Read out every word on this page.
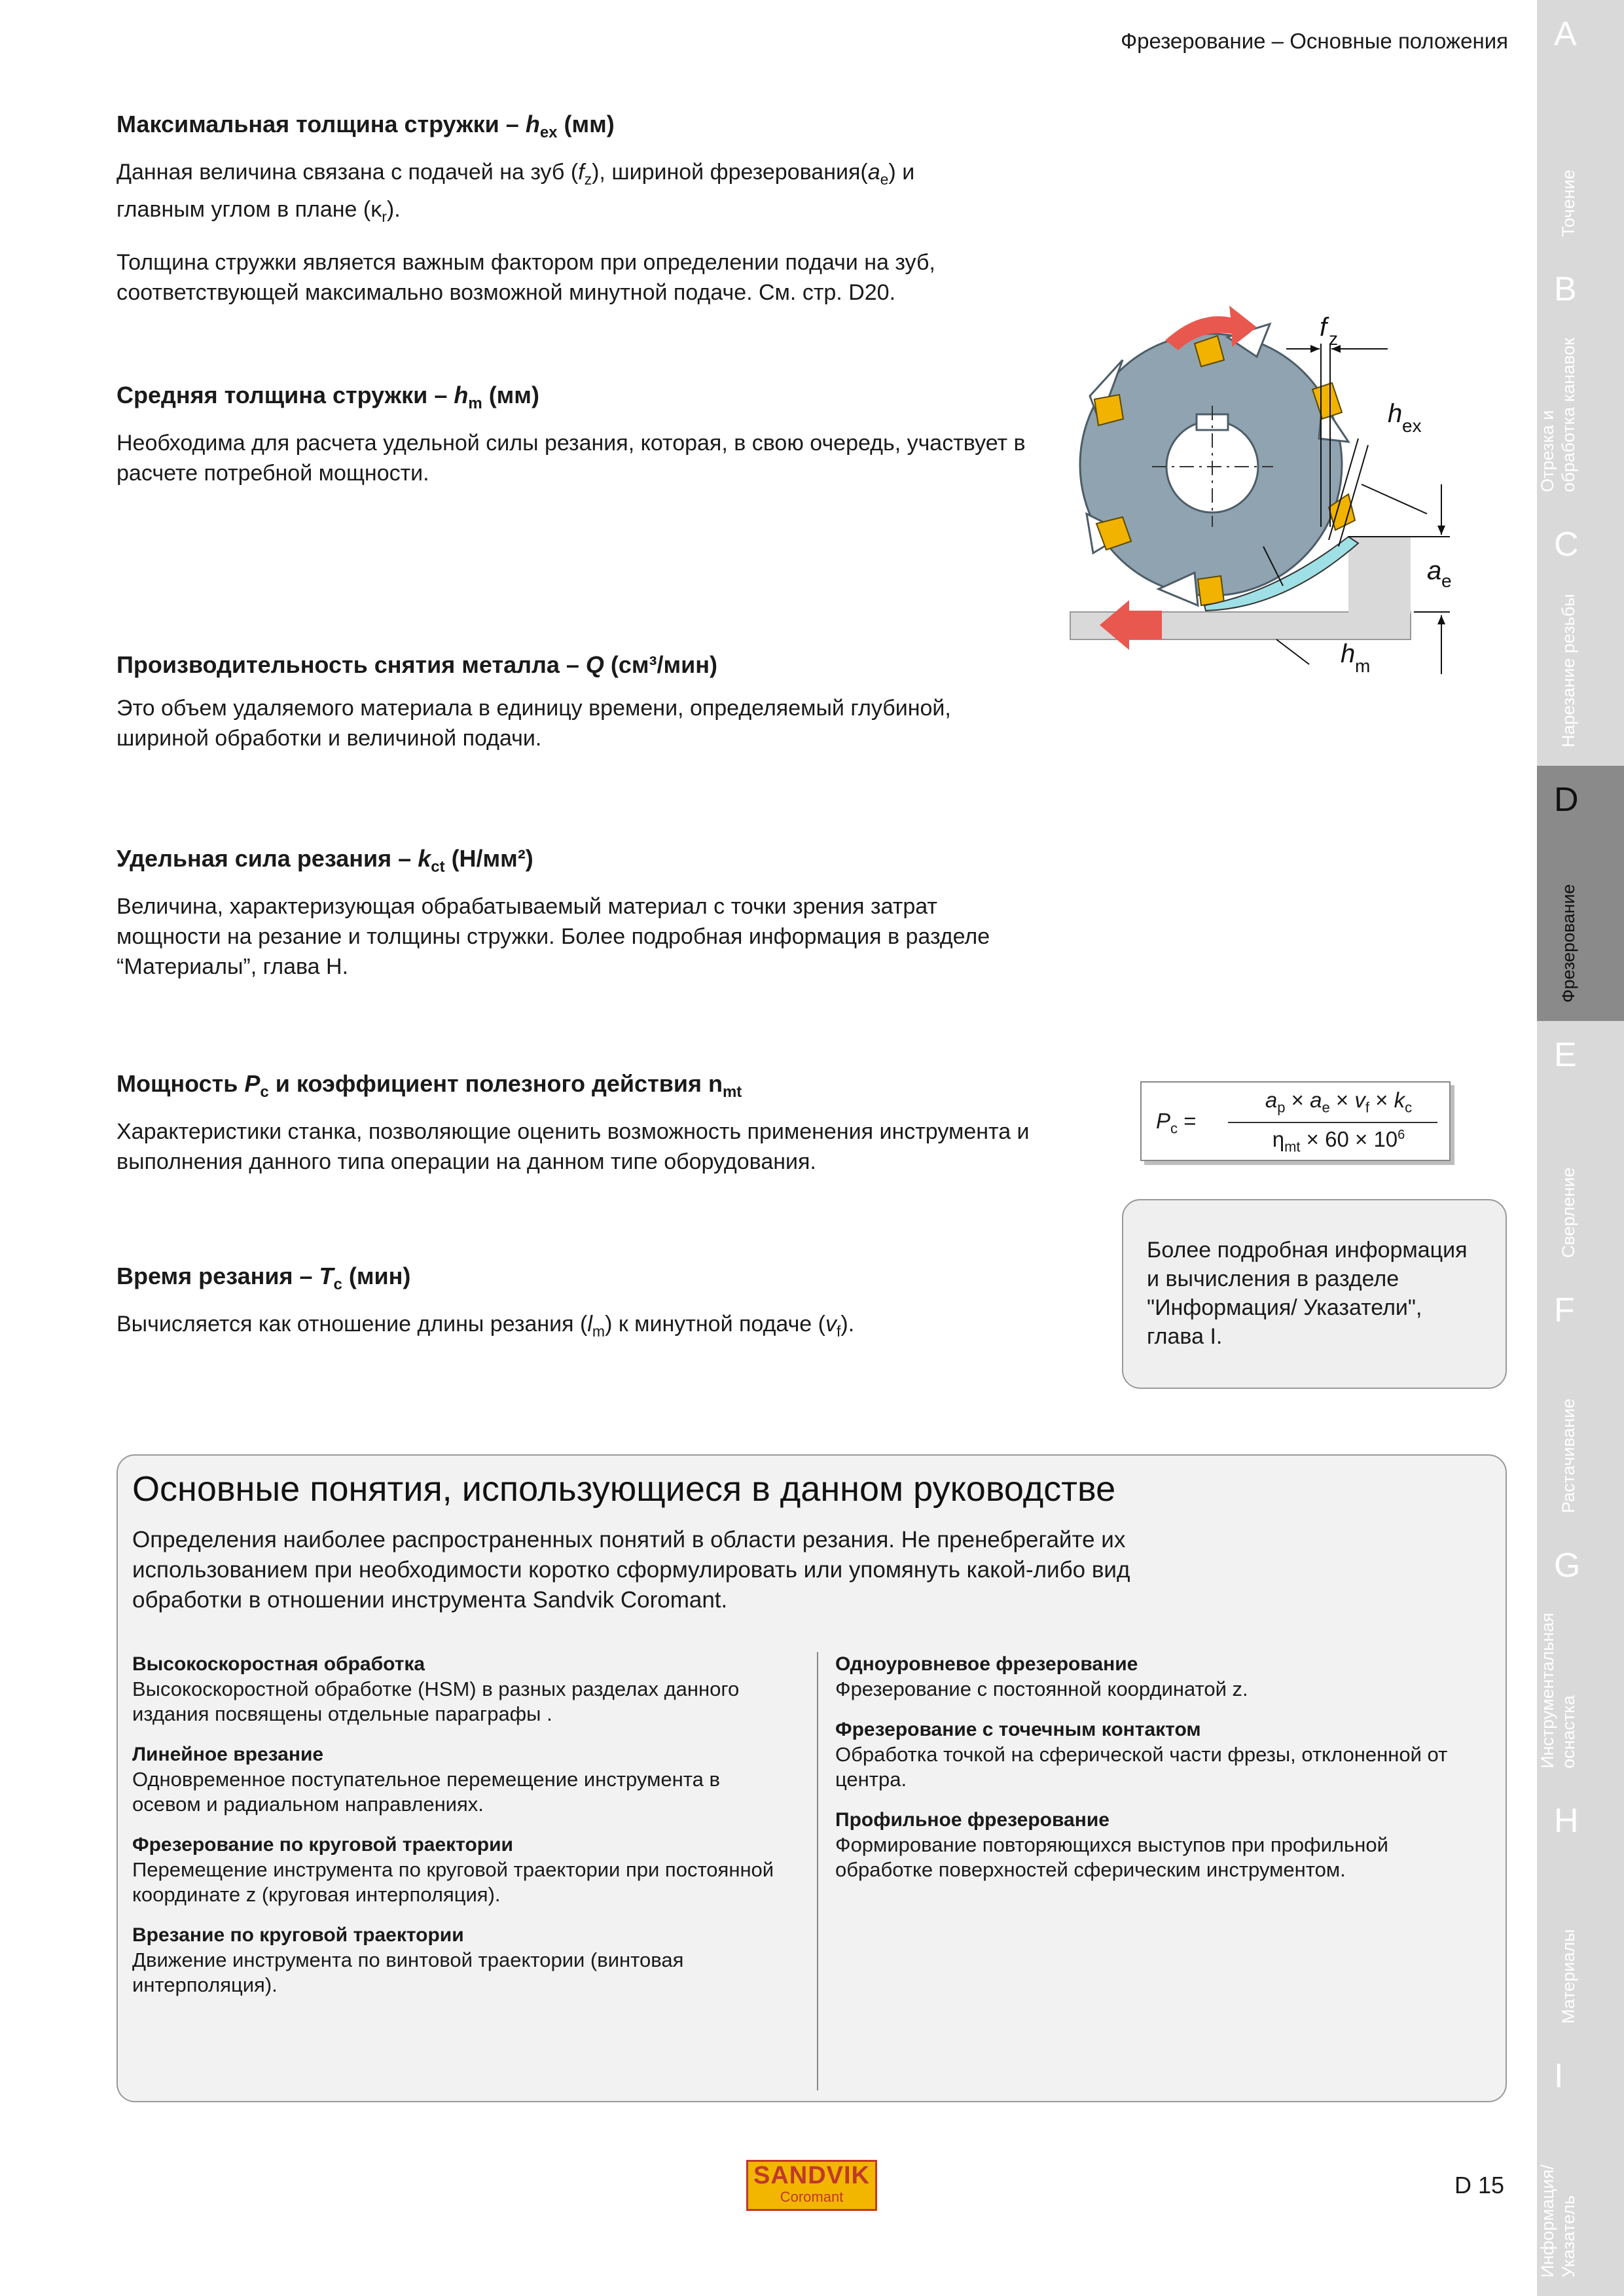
Фрезерование – Основные положения
Максимальная толщина стружки – $h_{ex}$ (мм)

Данная величина связана с подачей на зуб $(f_z)$, шириной $фрезерования(a_e)$ и
главным углом в плане $(\kappa_r)$.

Толщина стружки является важным фактором при определении подачи на зуб, соответствующей максимально возможной минутной подаче. См. стр. D20.

Средняя толщина стружки – $h_m$ (мм)

Необходима для расчета удельной силы резания, которая, в свою очередь, участвует в расчете потребной мощности.

Производительность снятия металла – Q (см³/мин)

Это объем удаляемого материала в единицу времени, определяемый глубиной, шириной обработки и величиной подачи.

Удельная сила резания – $k_{ct}$ (Н/мм²)

Величина, характеризующая обрабатываемый материал с точки зрения затрат мощности на резание и толщины стружки. Более подробная информация в разделе “Материалы”, глава H.

Мощность $P_c$ и коэффициент полезного действия $n_{mt}$

Характеристики станка, позволяющие оценить возможность применения инструмента и выполнения данного типа операции на данном типе оборудования.

Время резания – $T_c$ (мин)

Вычисляется как отношение длины резания $(l_m)$ к минутной подаче $(v_f)$.

f z
h ex
a e
h m
$P_c$ =
$a_p \times a_e \times v_f \times k_c$
$\eta_{mt} \times 60 \times 10^6$
Более подробная информация и вычисления в разделе "Информация/ Указатели", глава I.
Основные понятия, использующиеся в данном руководстве

Определения наиболее распространенных понятий в области резания. Не пренебрегайте их использованием при необходимости коротко сформулировать или упомянуть какой-либо вид обработки в отношении инструмента Sandvik Coromant.

Высокоскоростная обработка
Высокоскоростной обработке (HSM) в разных разделах данного издания посвящены отдельные параграфы .
Линейное врезание
Одновременное поступательное перемещение инструмента в осевом и радиальном направлениях.
Фрезерование по круговой траектории
Перемещение инструмента по круговой траектории при постоянной координате z (круговая интерполяция).
Врезание по круговой траектории
Движение инструмента по винтовой траектории (винтовая интерполяция).
Одноуровневое фрезерование
Фрезерование с постоянной координатой z.
Фрезерование с точечным контактом
Обработка точкой на сферической части фрезы, отклоненной от центра.
Профильное фрезерование
Формирование повторяющихся выступов при профильной обработке поверхностей сферическим инструментом.
A
Точение
B
Отрезка и
обработка канавок
C
Нарезание резьбы
D
Фрезерование
E
Сверление
F
Растачивание
G
Инструментальная
оснастка
H
Материалы
I
Информация/
Указатель
SANDVIK
Coromant	D 15
